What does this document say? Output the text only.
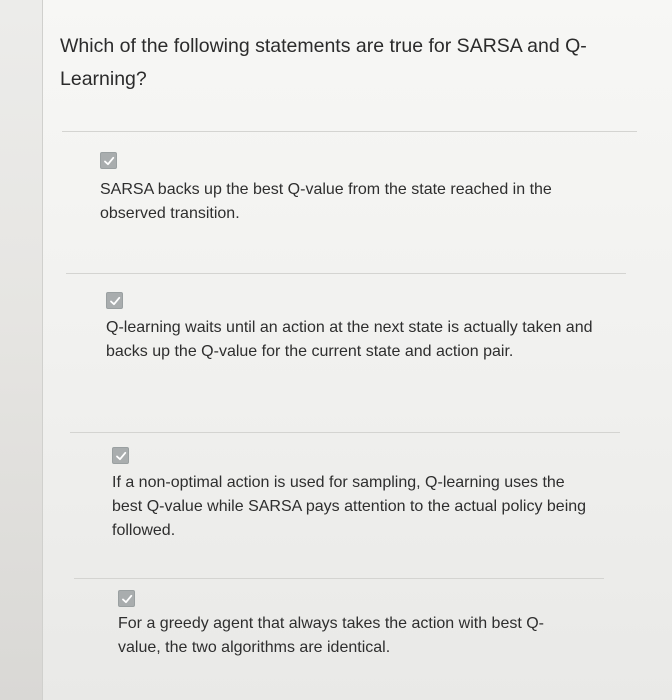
Which of the following statements are true for SARSA and Q-Learning?

SARSA backs up the best Q-value from the state reached in the observed transition.

Q-learning waits until an action at the next state is actually taken and backs up the Q-value for the current state and action pair.

If a non-optimal action is used for sampling, Q-learning uses the best Q-value while SARSA pays attention to the actual policy being followed.

For a greedy agent that always takes the action with best Q-value, the two algorithms are identical.
